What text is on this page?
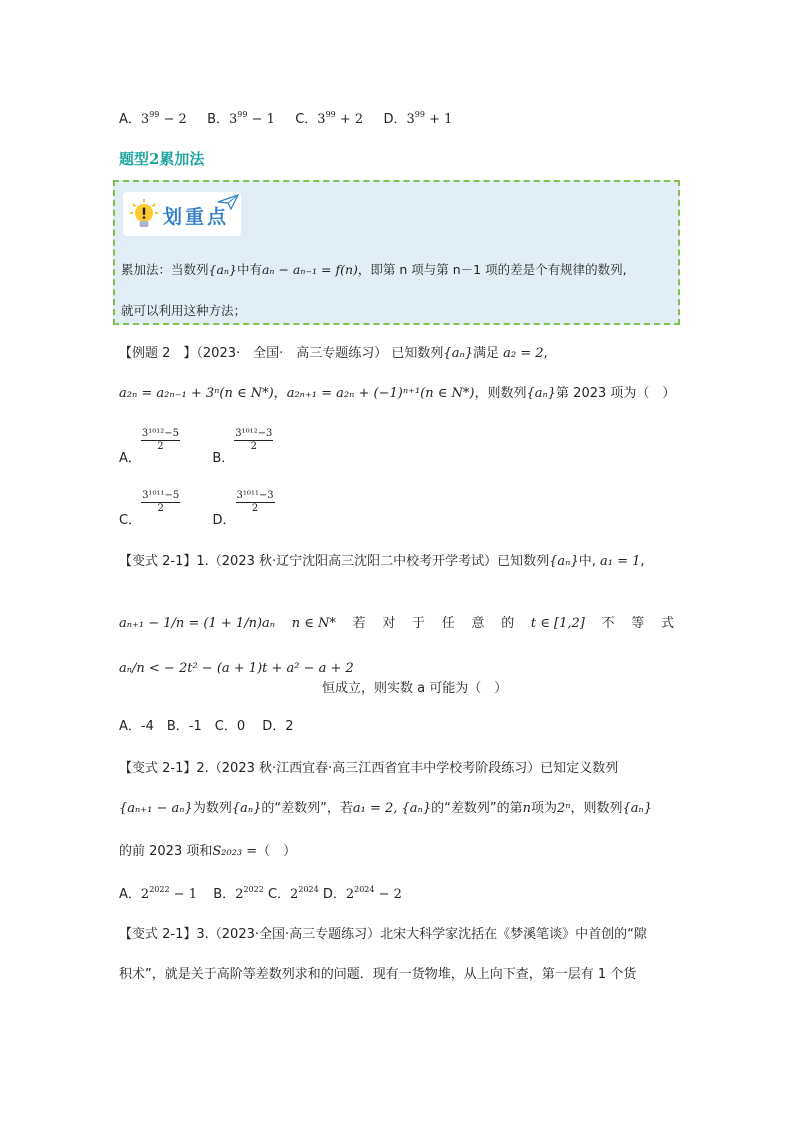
A．$3^{99} - 2$ B．$3^{99} - 1$ C．$3^{99} + 2$ D．$3^{99} + 1$
题型2累加法
划重点
累加法：当数列{aₙ}中有aₙ − aₙ₋₁ = f(n)，即第 n 项与第 n－1 项的差是个有规律的数列,
就可以利用这种方法；
【例题 2　】（2023·　全国·　高三专题练习） 已知数列{aₙ}满足 a₂ = 2,
a₂ₙ = a₂ₙ₋₁ + 3ⁿ(n ∈ N*)，a₂ₙ₊₁ = a₂ₙ + (−1)ⁿ⁺¹(n ∈ N*)，则数列{aₙ}第 2023 项为（　）
A．
$\frac{\text{3¹⁰¹²−5}}{2}$
B．
$\frac{\text{3¹⁰¹²−3}}{2}$
C．
$\frac{\text{3¹⁰¹¹−5}}{2}$
D．
$\frac{\text{3¹⁰¹¹−3}}{2}$
【变式 2-1】1.（2023 秋·辽宁沈阳高三沈阳二中校考开学考试）已知数列{aₙ}中, a₁ = 1,
aₙ₊₁ − 1/n = (1 + 1/n)aₙ n ∈ N* 若 对 于 任 意 的 t ∈ [1,2] 不 等 式
aₙ/n < − 2t² − (a + 1)t + a² − a + 2
恒成立，则实数 a 可能为（　）
A．-4　B．-1　C．0　 D．2
【变式 2-1】2.（2023 秋·江西宜春·高三江西省宜丰中学校考阶段练习）已知定义数列
{aₙ₊₁ − aₙ}为数列{aₙ}的“差数列”，若a₁ = 2, {aₙ}的“差数列”的第n项为2ⁿ，则数列{aₙ}
的前 2023 项和S₂₀₂₃ =（　）
A．$2^{2022} - 1$ B．$2^{2022}$ C．$2^{2024}$ D．$2^{2024} - 2$
【变式 2-1】3.（2023·全国·高三专题练习）北宋大科学家沈括在《梦溪笔谈》中首创的“隙
积术”，就是关于高阶等差数列求和的问题．现有一货物堆，从上向下查，第一层有 1 个货
